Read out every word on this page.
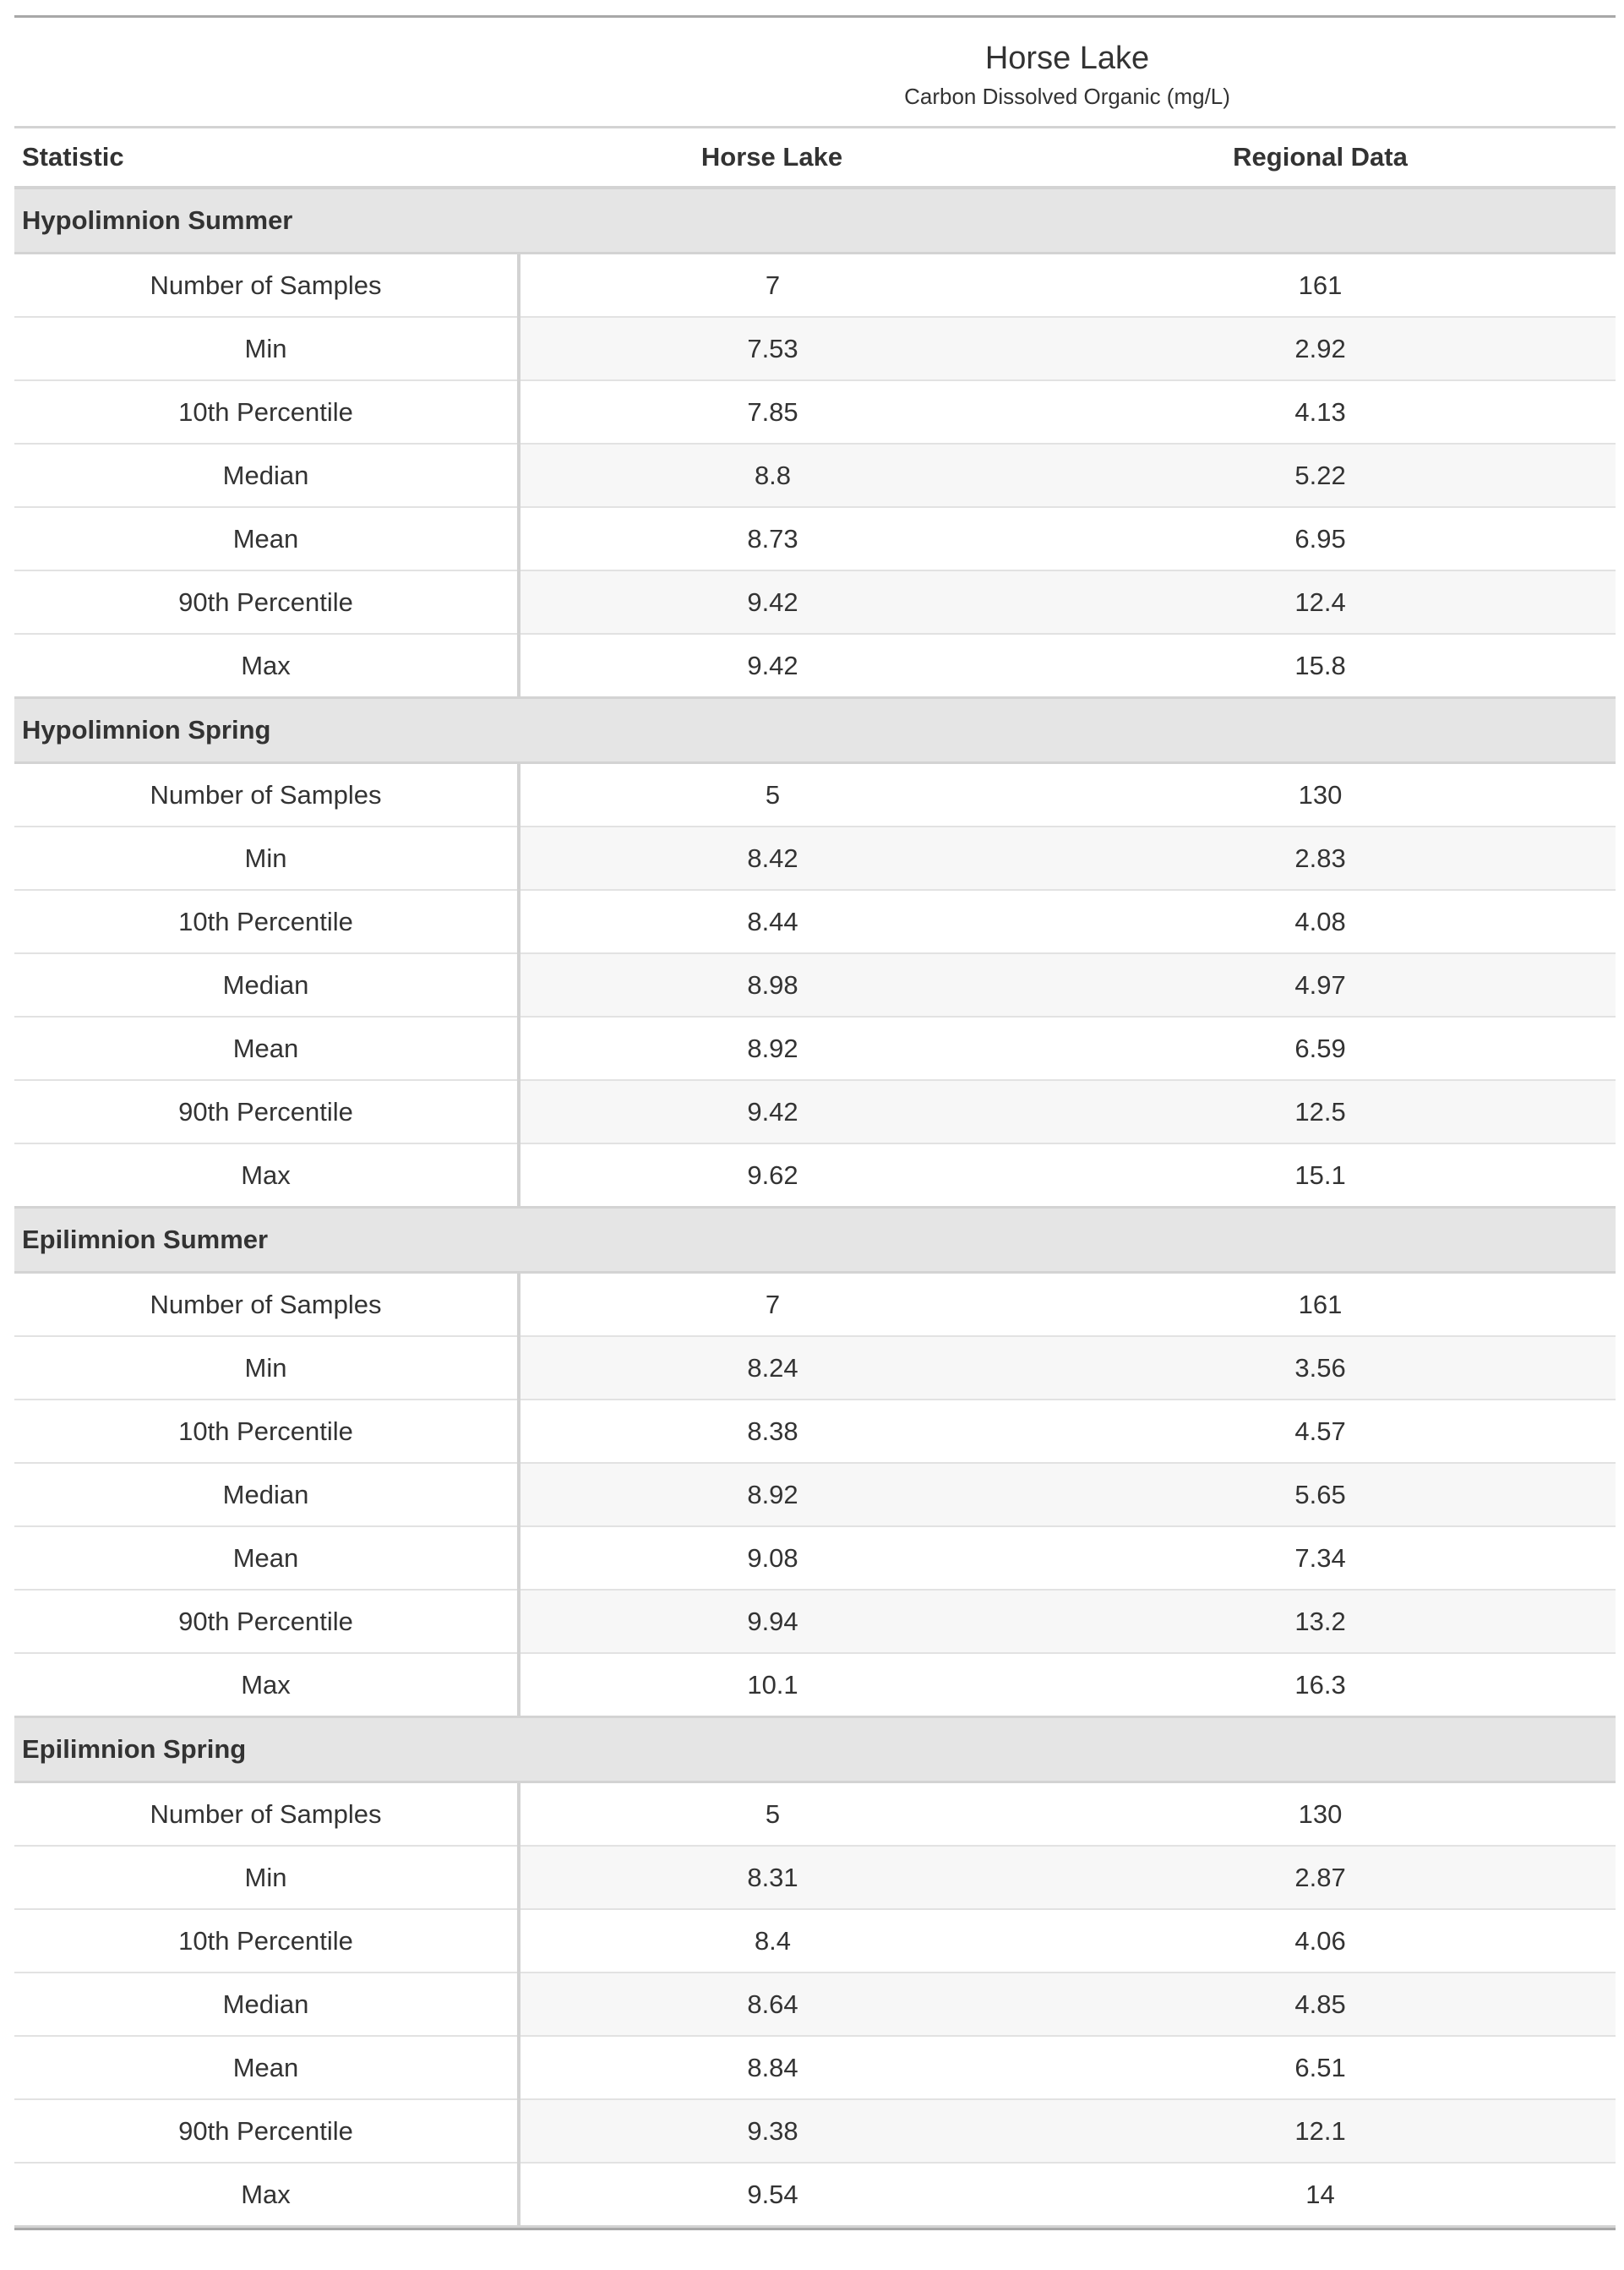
Horse Lake		

Carbon Dissolved Organic (mg/L)		

Statistic	Horse Lake	Regional Data
Hypolimnion Summer		
Number of Samples	7	161
Min	7.53	2.92
10th Percentile	7.85	4.13
Median	8.8	5.22
Mean	8.73	6.95
90th Percentile	9.42	12.4
Max	9.42	15.8
Hypolimnion Spring		
Number of Samples	5	130
Min	8.42	2.83
10th Percentile	8.44	4.08
Median	8.98	4.97
Mean	8.92	6.59
90th Percentile	9.42	12.5
Max	9.62	15.1
Epilimnion Summer		
Number of Samples	7	161
Min	8.24	3.56
10th Percentile	8.38	4.57
Median	8.92	5.65
Mean	9.08	7.34
90th Percentile	9.94	13.2
Max	10.1	16.3
Epilimnion Spring		
Number of Samples	5	130
Min	8.31	2.87
10th Percentile	8.4	4.06
Median	8.64	4.85
Mean	8.84	6.51
90th Percentile	9.38	12.1
Max	9.54	14
